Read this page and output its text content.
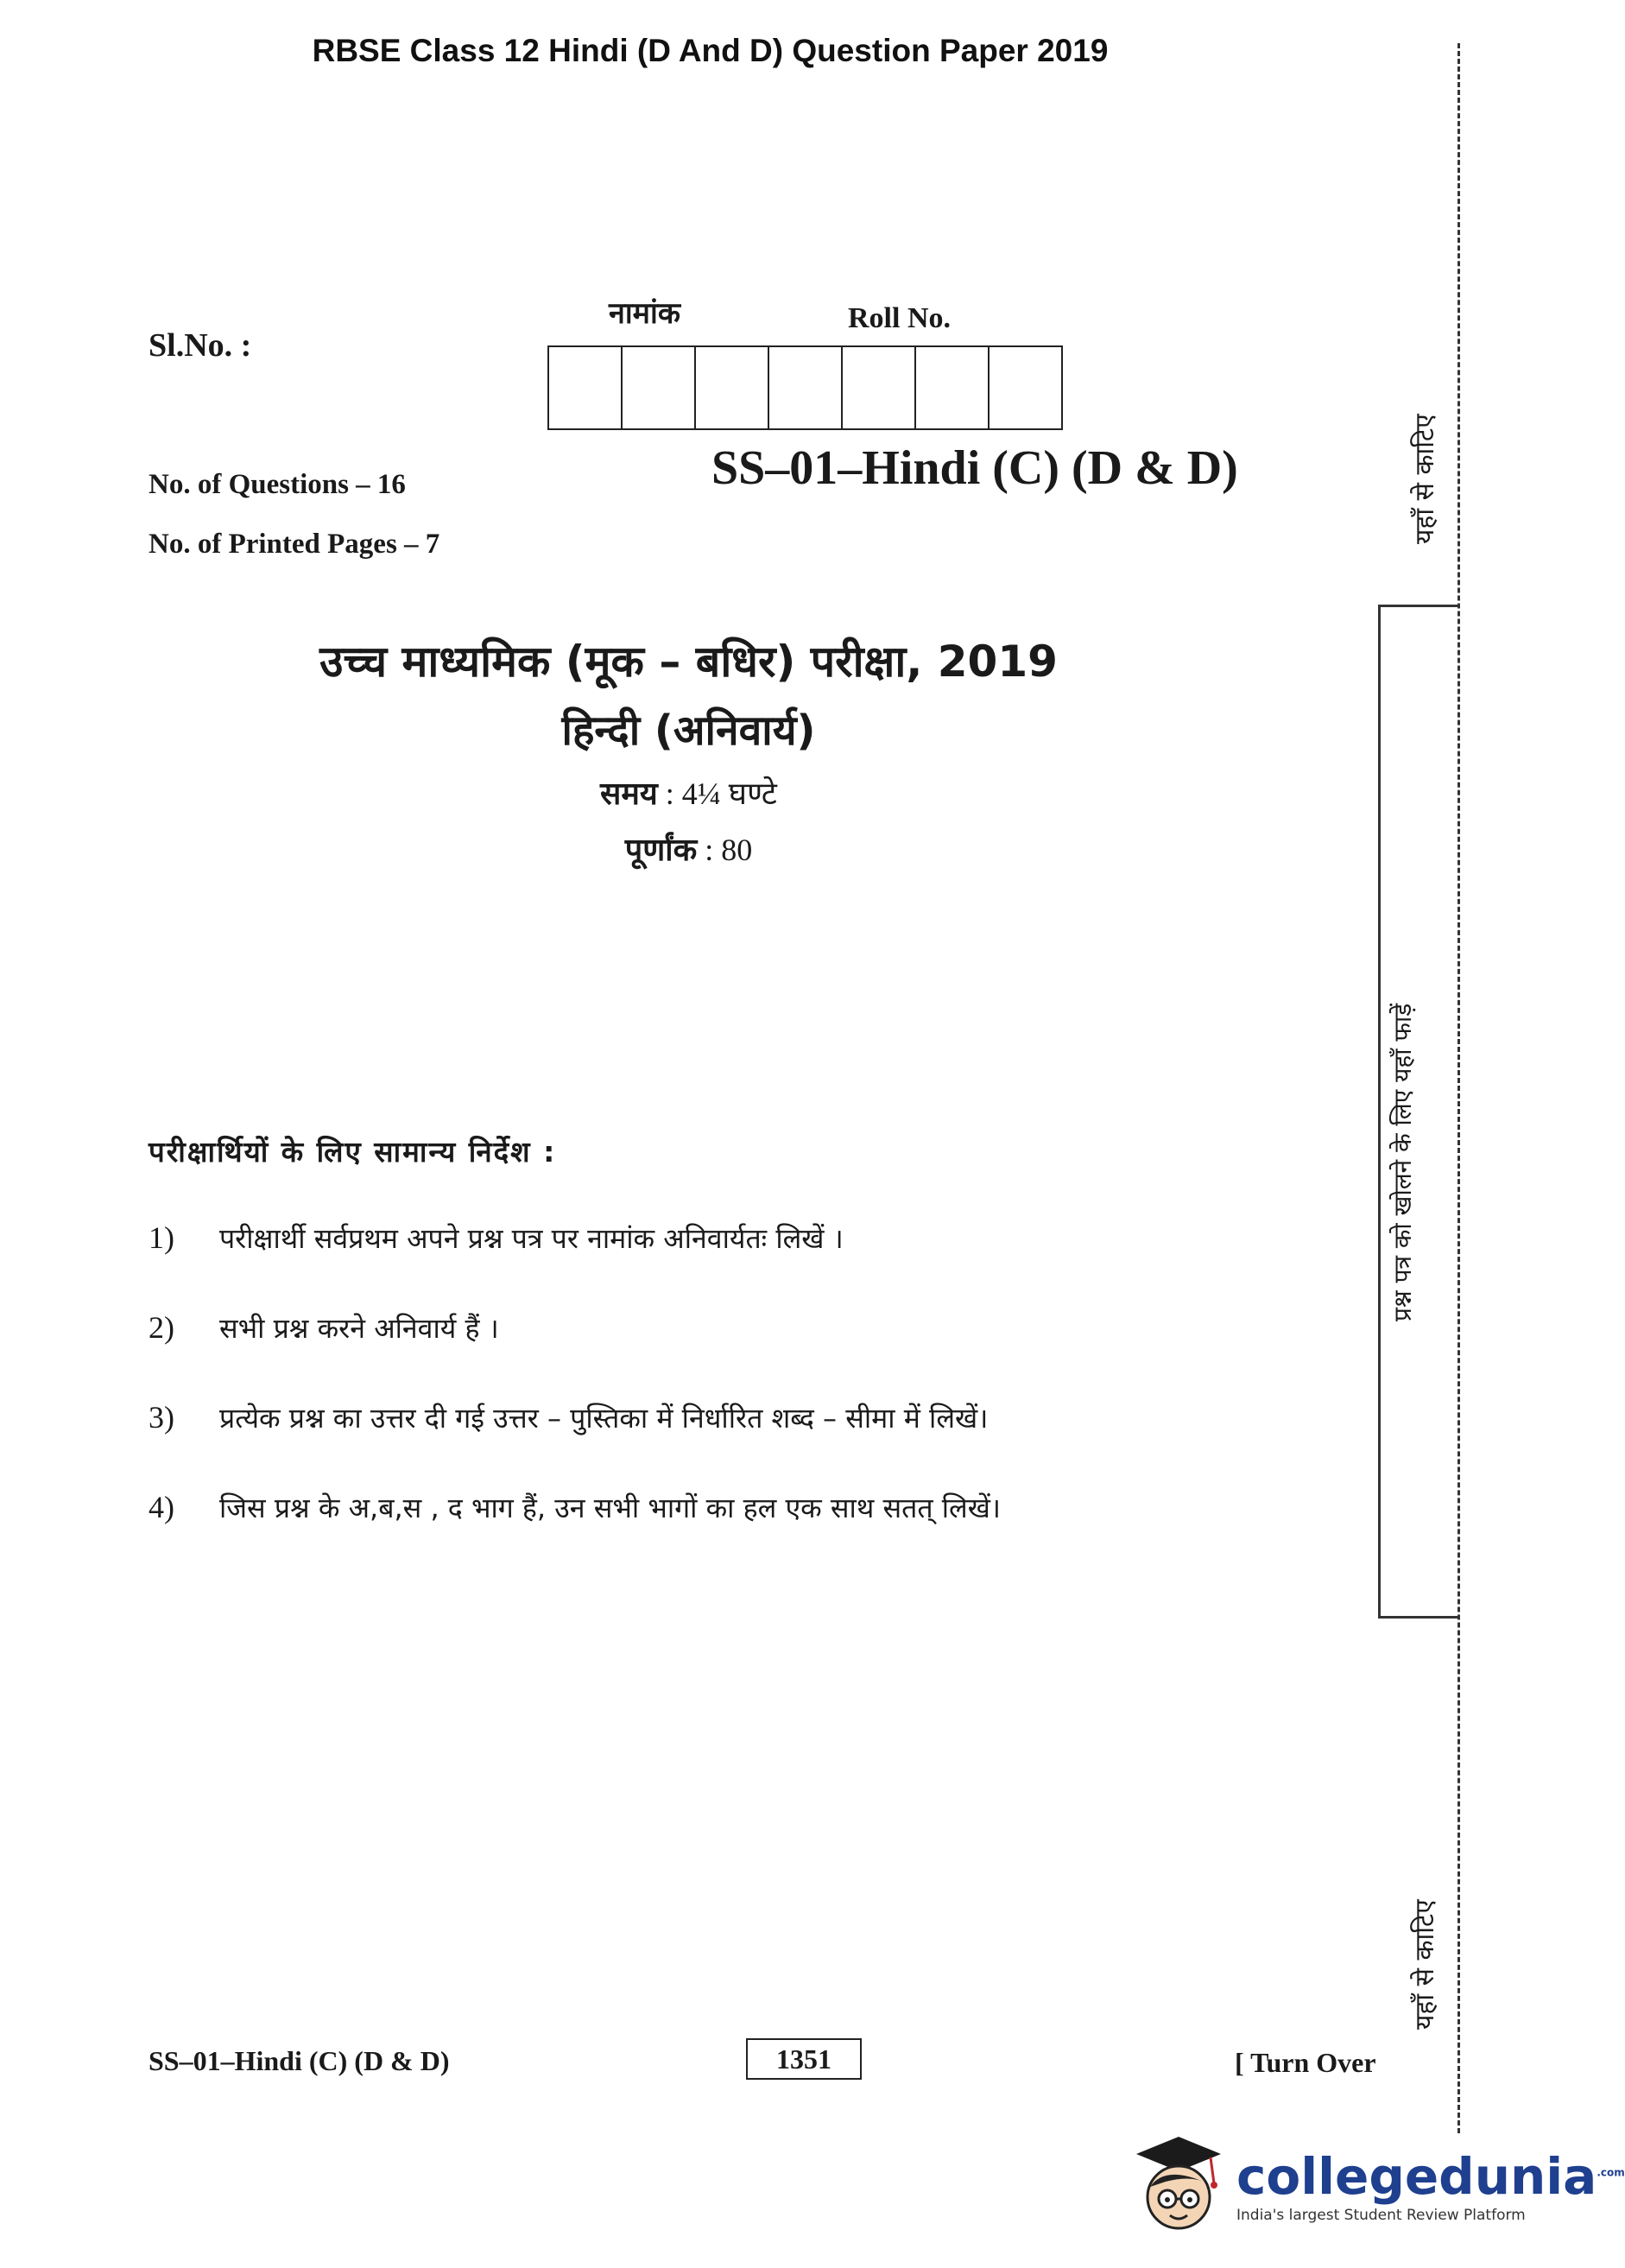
RBSE Class 12 Hindi (D And D) Question Paper 2019
Sl.No. :
नामांक	Roll No.
SS–01–Hindi (C) (D & D)
No. of Questions – 16
No. of Printed Pages – 7
उच्च माध्यमिक (मूक – बधिर) परीक्षा, 2019
हिन्दी (अनिवार्य)
समय : 4¼ घण्टे
पूर्णांक : 80
परीक्षार्थियों के लिए सामान्य निर्देश :
1)	परीक्षार्थी सर्वप्रथम अपने प्रश्न पत्र पर नामांक अनिवार्यतः लिखें ।
2)	सभी प्रश्न करने अनिवार्य हैं ।
3)	प्रत्येक प्रश्न का उत्तर दी गई उत्तर – पुस्तिका में निर्धारित शब्द – सीमा में लिखें।
4)	जिस प्रश्न के अ,ब,स , द भाग हैं, उन सभी भागों का हल एक साथ सतत् लिखें।
SS–01–Hindi (C) (D & D)	1351	[ Turn Over
यहाँ से काटिए
प्रश्न पत्र को खोलने के लिए यहाँ फाड़ें
यहाँ से काटिए
collegedunia$^{.com}$
India's largest Student Review Platform
